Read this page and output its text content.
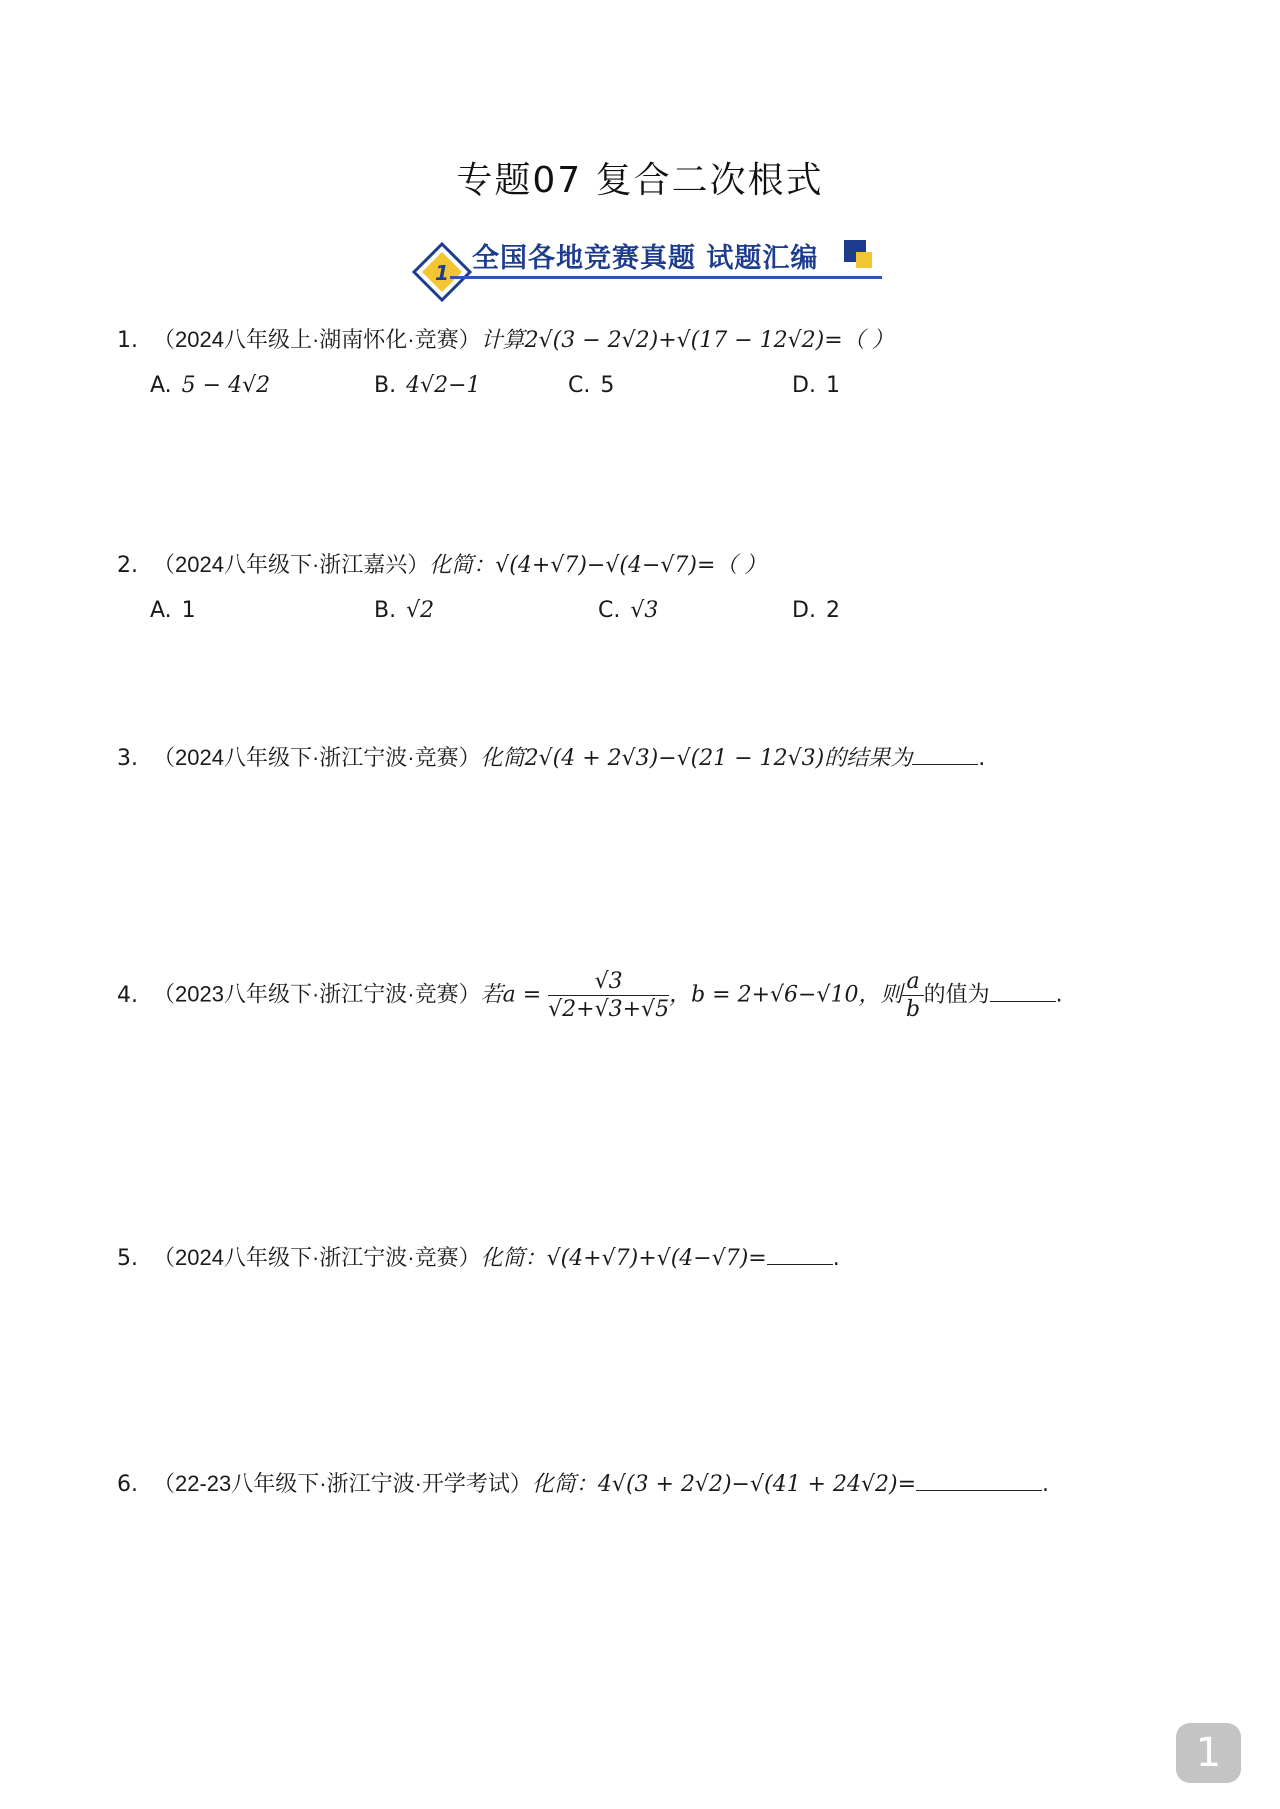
专题07 复合二次根式
1 全国各地竞赛真题 试题汇编
1. （2024八年级上·湖南怀化·竞赛）计算2√(3 − 2√2)+√(17 − 12√2)=（ ）
A. 5 − 4√2	B. 4√2−1	C. 5	D. 1
2. （2024八年级下·浙江嘉兴）化简：√(4+√7)−√(4−√7)=（ ）
A. 1	B. √2	C. √3	D. 2
3. （2024八年级下·浙江宁波·竞赛）化简2√(4 + 2√3)−√(21 − 12√3)的结果为	.
4. （2023八年级下·浙江宁波·竞赛）若$a = \frac{√3}{√2+√3+√5}$ ，b = 2+√6−√10，则 $\frac{a}{b}$ 的值为	.
5. （2024八年级下·浙江宁波·竞赛）化简：√(4+√7)+√(4−√7)=	.
6. （22-23八年级下·浙江宁波·开学考试）化简：4√(3 + 2√2)−√(41 + 24√2)=	.
1
